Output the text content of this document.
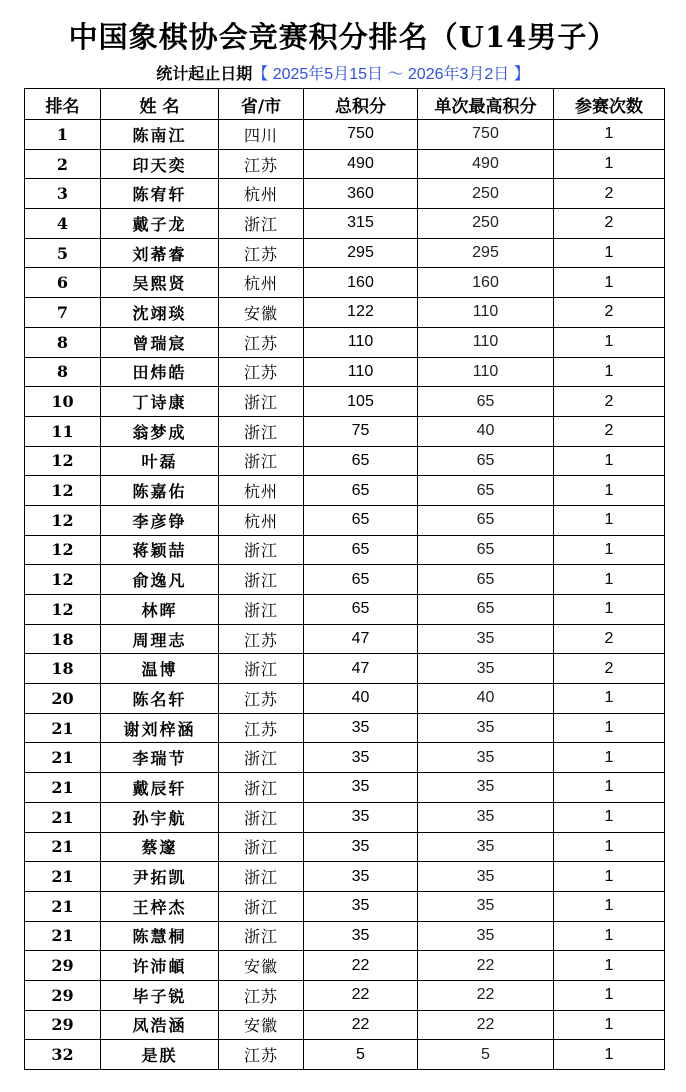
中国象棋协会竞赛积分排名（U14男子）
统计起止日期【 2025年5月15日 ～ 2026年3月2日 】
排名	姓 名	省/市	总积分	单次最高积分	参赛次数
1	陈南江	四川	750	750	1
2	印天奕	江苏	490	490	1
3	陈宥轩	杭州	360	250	2
4	戴子龙	浙江	315	250	2
5	刘莃睿	江苏	295	295	1
6	吴熙贤	杭州	160	160	1
7	沈翊琰	安徽	122	110	2
8	曾瑞宸	江苏	110	110	1
8	田炜皓	江苏	110	110	1
10	丁诗康	浙江	105	65	2
11	翁梦成	浙江	75	40	2
12	叶磊	浙江	65	65	1
12	陈嘉佑	杭州	65	65	1
12	李彦铮	杭州	65	65	1
12	蒋颖喆	浙江	65	65	1
12	俞逸凡	浙江	65	65	1
12	林晖	浙江	65	65	1
18	周理志	江苏	47	35	2
18	温博	浙江	47	35	2
20	陈名轩	江苏	40	40	1
21	谢刘梓涵	江苏	35	35	1
21	李瑞节	浙江	35	35	1
21	戴辰轩	浙江	35	35	1
21	孙宇航	浙江	35	35	1
21	蔡邃	浙江	35	35	1
21	尹拓凯	浙江	35	35	1
21	王梓杰	浙江	35	35	1
21	陈慧桐	浙江	35	35	1
29	许沛頔	安徽	22	22	1
29	毕子锐	江苏	22	22	1
29	凤浩涵	安徽	22	22	1
32	是朕	江苏	5	5	1
